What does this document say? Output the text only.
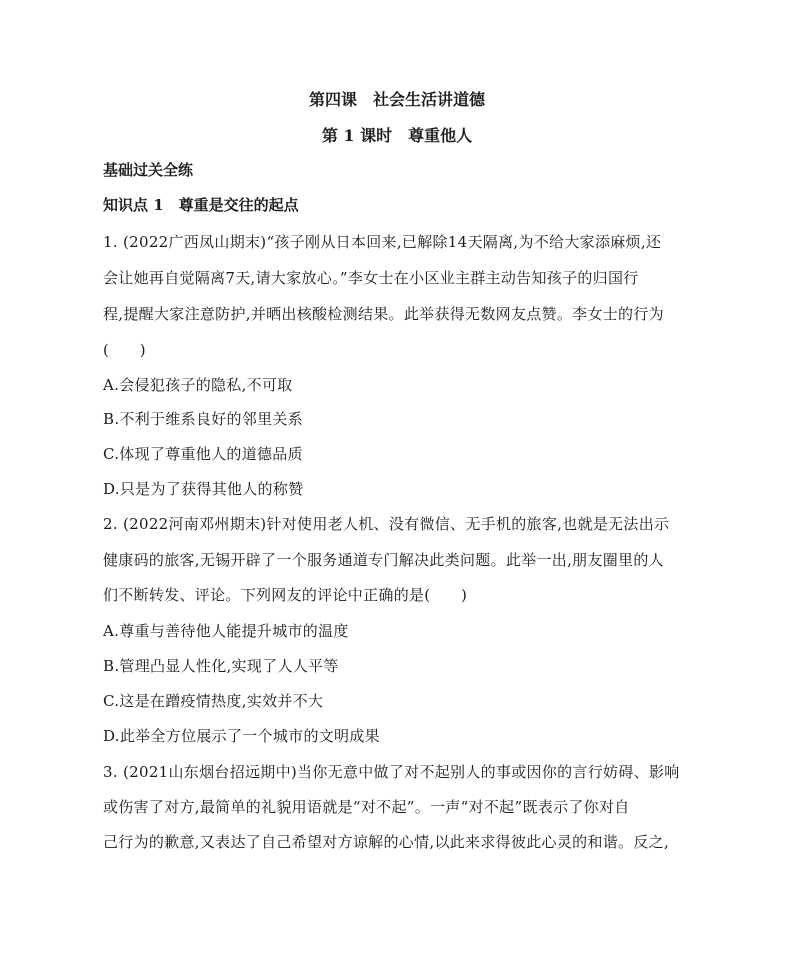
第四课　社会生活讲道德
第 1 课时　尊重他人
基础过关全练
知识点 1　尊重是交往的起点
1. (2022广西凤山期末)“孩子刚从日本回来,已解除14天隔离,为不给大家添麻烦,还
会让她再自觉隔离7天,请大家放心。”李女士在小区业主群主动告知孩子的归国行
程,提醒大家注意防护,并晒出核酸检测结果。此举获得无数网友点赞。李女士的行为
(　　)
A.会侵犯孩子的隐私,不可取
B.不利于维系良好的邻里关系
C.体现了尊重他人的道德品质
D.只是为了获得其他人的称赞
2. (2022河南邓州期末)针对使用老人机、没有微信、无手机的旅客,也就是无法出示
健康码的旅客,无锡开辟了一个服务通道专门解决此类问题。此举一出,朋友圈里的人
们不断转发、评论。下列网友的评论中正确的是(　　)
A.尊重与善待他人能提升城市的温度
B.管理凸显人性化,实现了人人平等
C.这是在蹭疫情热度,实效并不大
D.此举全方位展示了一个城市的文明成果
3. (2021山东烟台招远期中)当你无意中做了对不起别人的事或因你的言行妨碍、影响
或伤害了对方,最简单的礼貌用语就是“对不起”。一声“对不起”既表示了你对自
己行为的歉意,又表达了自己希望对方谅解的心情,以此来求得彼此心灵的和谐。反之,
